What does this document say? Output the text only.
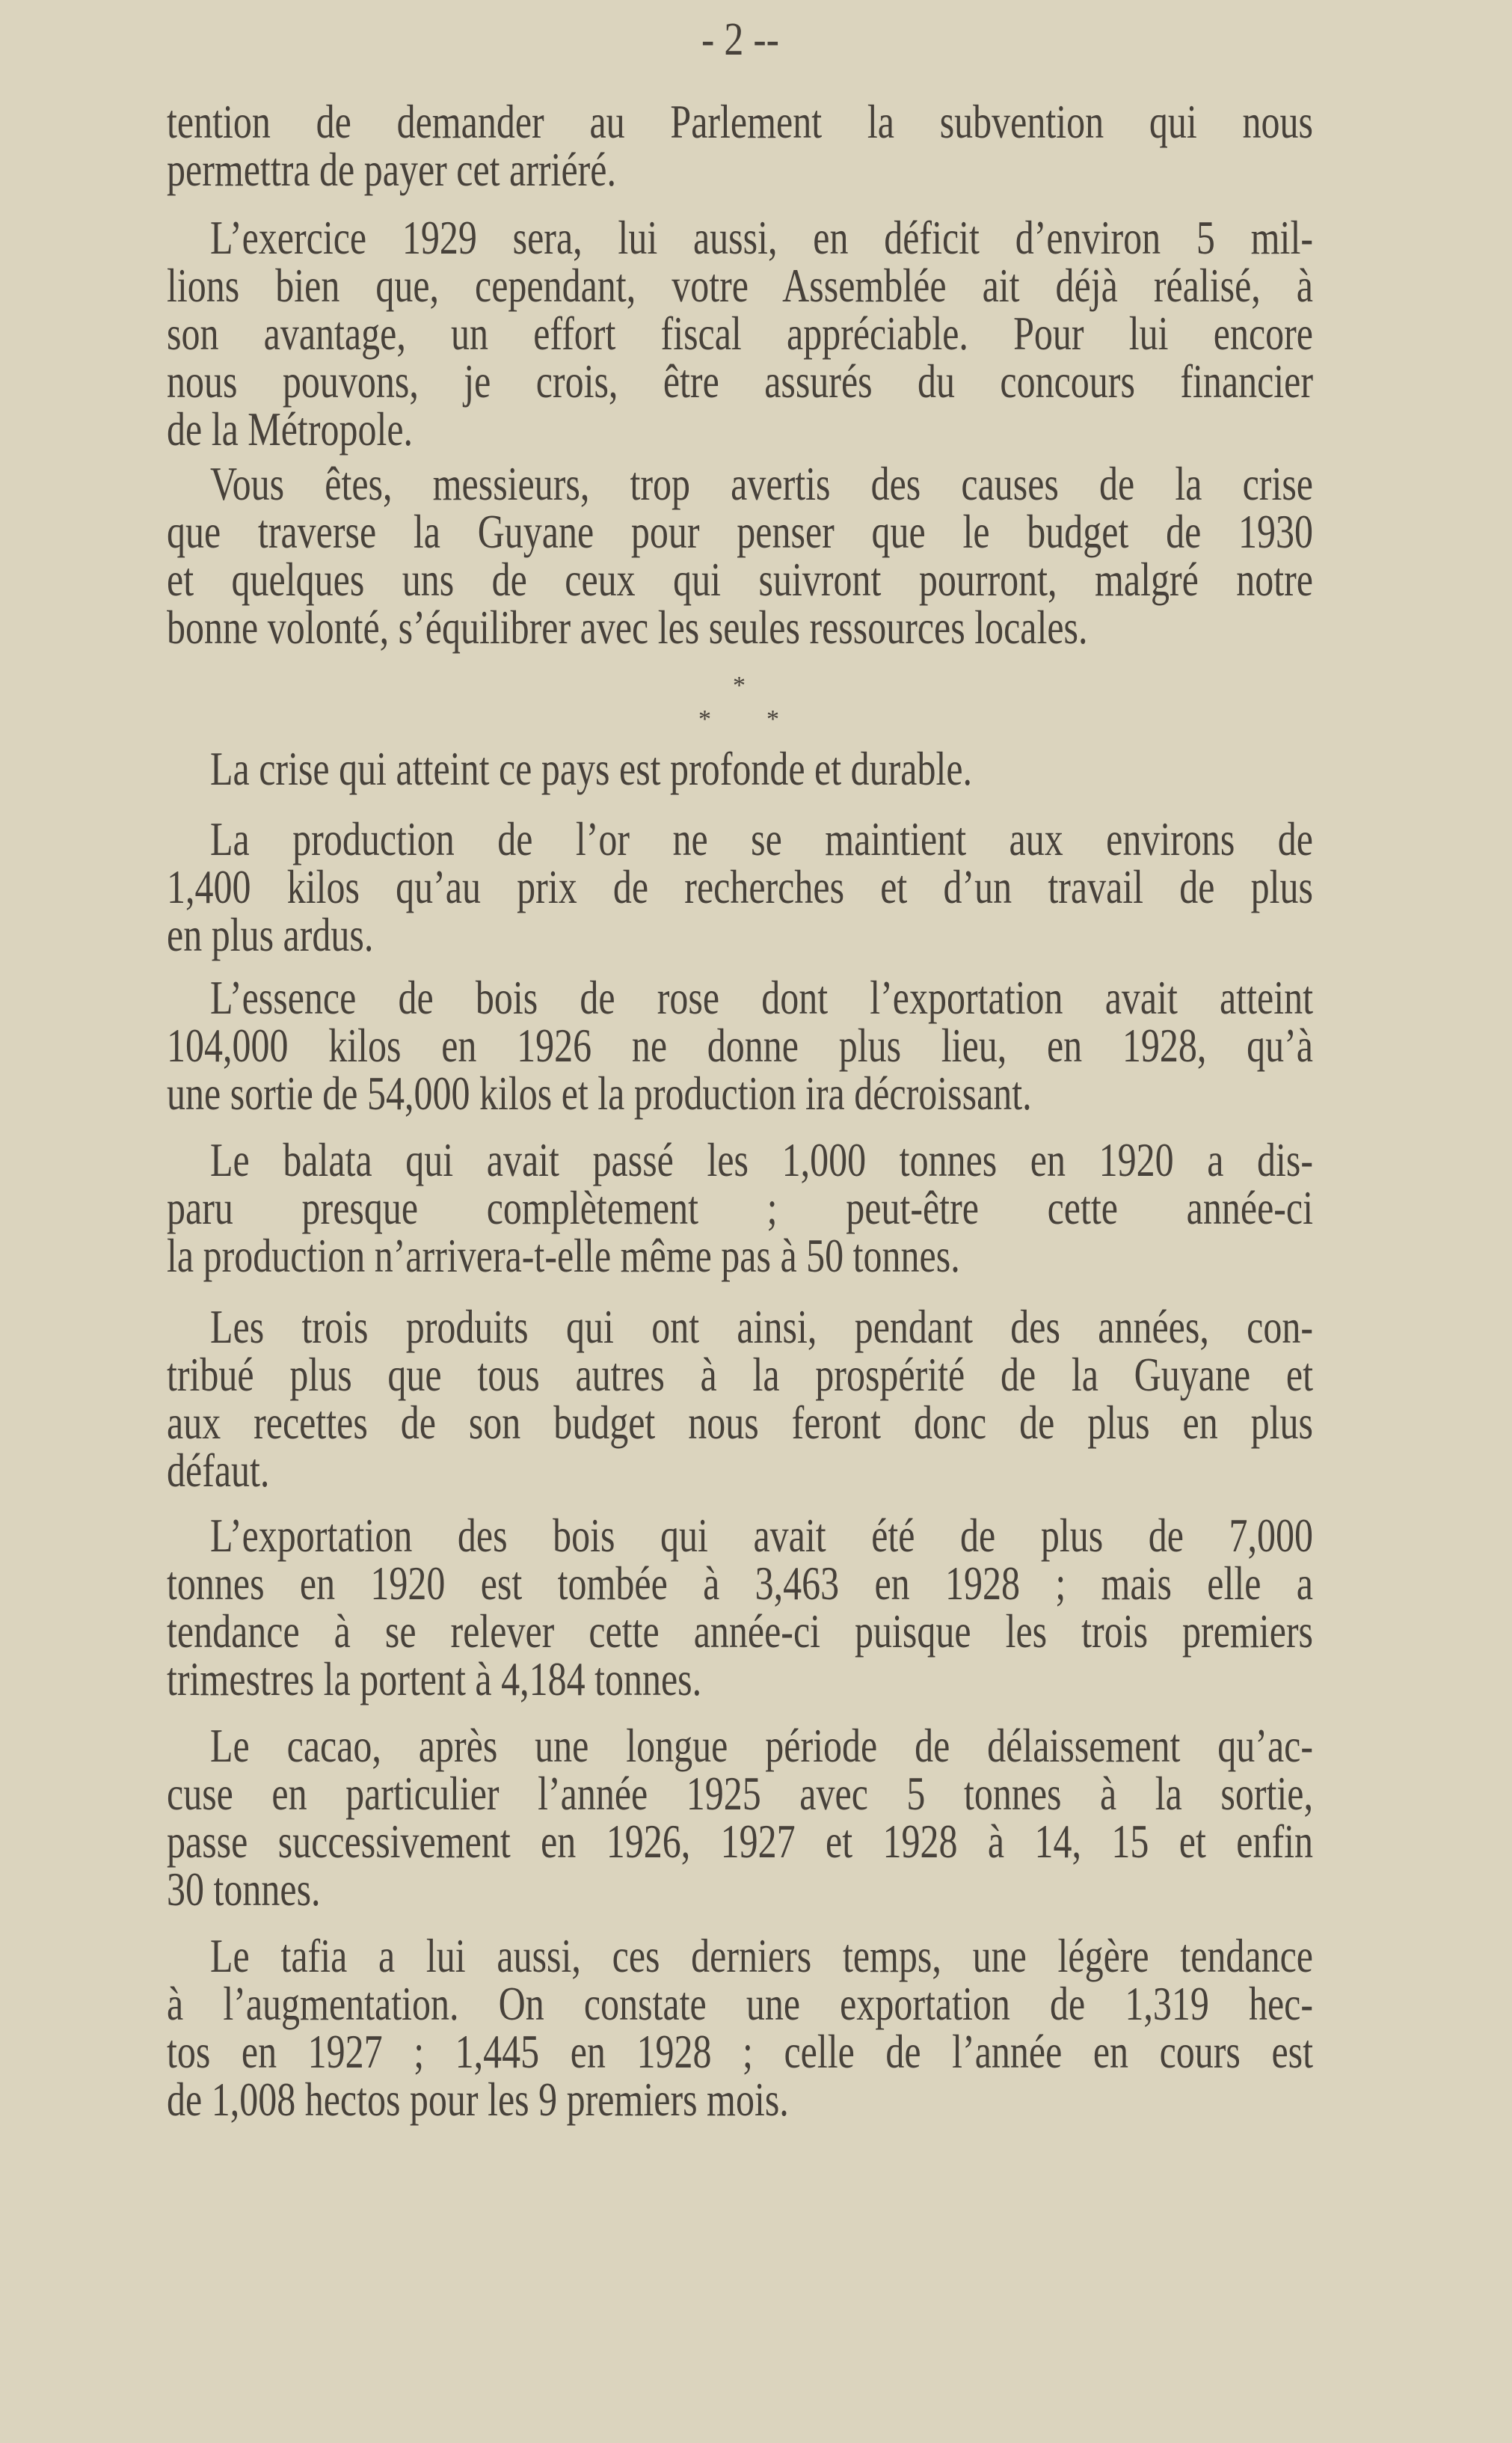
- 2 --
tention de demander au Parlement la subvention qui nous
permettra de payer cet arriéré.
L’exercice 1929 sera, lui aussi, en déficit d’environ 5 mil-
lions bien que, cependant, votre Assemblée ait déjà réalisé, à
son avantage, un effort fiscal appréciable. Pour lui encore
nous pouvons, je crois, être assurés du concours financier
de la Métropole.
Vous êtes, messieurs, trop avertis des causes de la crise
que traverse la Guyane pour penser que le budget de 1930
et quelques uns de ceux qui suivront pourront, malgré notre
bonne volonté, s’équilibrer avec les seules ressources locales.
La crise qui atteint ce pays est profonde et durable.
La production de l’or ne se maintient aux environs de
1,400 kilos qu’au prix de recherches et d’un travail de plus
en plus ardus.
L’essence de bois de rose dont l’exportation avait atteint
104,000 kilos en 1926 ne donne plus lieu, en 1928, qu’à
une sortie de 54,000 kilos et la production ira décroissant.
Le balata qui avait passé les 1,000 tonnes en 1920 a dis-
paru presque complètement ; peut-être cette année-ci
la production n’arrivera-t-elle même pas à 50 tonnes.
Les trois produits qui ont ainsi, pendant des années, con-
tribué plus que tous autres à la prospérité de la Guyane et
aux recettes de son budget nous feront donc de plus en plus
défaut.
L’exportation des bois qui avait été de plus de 7,000
tonnes en 1920 est tombée à 3,463 en 1928 ; mais elle a
tendance à se relever cette année-ci puisque les trois premiers
trimestres la portent à 4,184 tonnes.
Le cacao, après une longue période de délaissement qu’ac-
cuse en particulier l’année 1925 avec 5 tonnes à la sortie,
passe successivement en 1926, 1927 et 1928 à 14, 15 et enfin
30 tonnes.
Le tafia a lui aussi, ces derniers temps, une légère tendance
à l’augmentation. On constate une exportation de 1,319 hec-
tos en 1927 ; 1,445 en 1928 ; celle de l’année en cours est
de 1,008 hectos pour les 9 premiers mois.
*
* *
